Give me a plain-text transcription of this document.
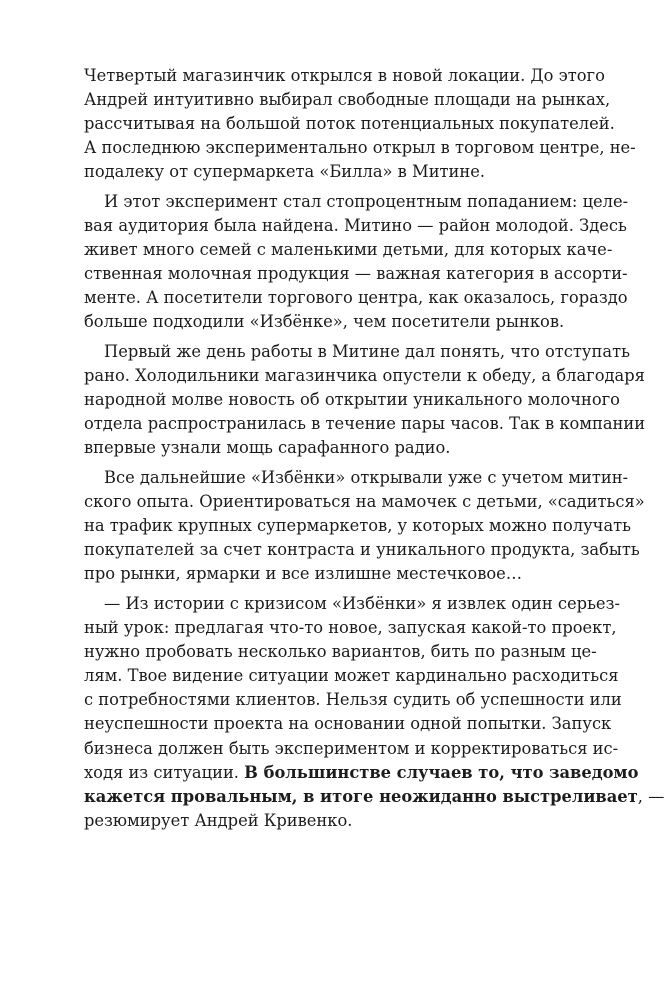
Четвертый магазинчик открылся в новой локации. До этого
Андрей интуитивно выбирал свободные площади на рынках,
рассчитывая на большой поток потенциальных покупателей.
А последнюю экспериментально открыл в торговом центре, не-
подалеку от супермаркета «Билла» в Митине.
И этот эксперимент стал стопроцентным попаданием: целе-
вая аудитория была найдена. Митино — район молодой. Здесь
живет много семей с маленькими детьми, для которых каче-
ственная молочная продукция — важная категория в ассорти-
менте. А посетители торгового центра, как оказалось, гораздо
больше подходили «Избёнке», чем посетители рынков.
Первый же день работы в Митине дал понять, что отступать
рано. Холодильники магазинчика опустели к обеду, а благодаря
народной молве новость об открытии уникального молочного
отдела распространилась в течение пары часов. Так в компании
впервые узнали мощь сарафанного радио.
Все дальнейшие «Избёнки» открывали уже с учетом митин-
ского опыта. Ориентироваться на мамочек с детьми, «садиться»
на трафик крупных супермаркетов, у которых можно получать
покупателей за счет контраста и уникального продукта, забыть
про рынки, ярмарки и все излишне местечковое…
— Из истории с кризисом «Избёнки» я извлек один серьез-
ный урок: предлагая что-то новое, запуская какой-то проект,
нужно пробовать несколько вариантов, бить по разным це-
лям. Твое видение ситуации может кардинально расходиться
с потребностями клиентов. Нельзя судить об успешности или
неуспешности проекта на основании одной попытки. Запуск
бизнеса должен быть экспериментом и корректироваться ис-
ходя из ситуации. В большинстве случаев то, что заведомо
кажется провальным, в итоге неожиданно выстреливает, —
резюмирует Андрей Кривенко.
